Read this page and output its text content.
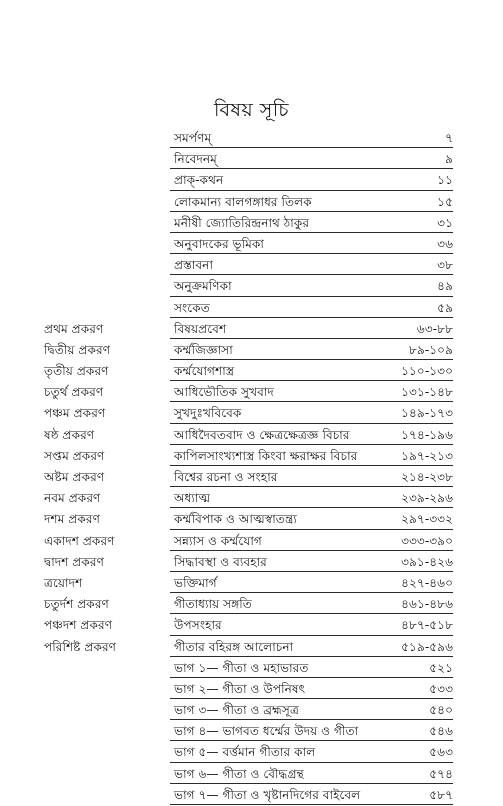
বিষয় সূচি
সমর্পণম্	৭
নিবেদনম্	৯
প্রাক্-কথন	১১
লোকমান্য বালগঙ্গাধর তিলক	১৫
মনীষী জ্যোতিরিন্দ্রনাথ ঠাকুর	৩১
অনুবাদকের ভূমিকা	৩৬
প্রস্তাবনা	৩৮
অনুক্রমণিকা	৪৯
সংকেত	৫৯
প্রথম প্রকরণ	বিষয়প্রবেশ	৬৩-৮৮
দ্বিতীয় প্রকরণ	কর্ম্মজিজ্ঞাসা	৮৯-১০৯
তৃতীয় প্রকরণ	কর্ম্মযোগশাস্ত্র	১১০-১৩০
চতুর্থ প্রকরণ	আধিভৌতিক সুখবাদ	১৩১-১৪৮
পঞ্চম প্রকরণ	সুখদুঃখবিবেক	১৪৯-১৭৩
ষষ্ঠ প্রকরণ	আধিদৈবতবাদ ও ক্ষেত্রক্ষেত্রজ্ঞ বিচার	১৭৪-১৯৬
সপ্তম প্রকরণ	কাপিলসাংখ্যশাস্ত্র কিংবা ক্ষরাক্ষর বিচার	১৯৭-২১৩
অষ্টম প্রকরণ	বিশ্বের রচনা ও সংহার	২১৪-২৩৮
নবম প্রকরণ	অধ্যাত্ম	২৩৯-২৯৬
দশম প্রকরণ	কর্ম্মবিপাক ও আত্মস্বাতন্ত্র্য	২৯৭-৩৩২
একাদশ প্রকরণ	সন্ন্যাস ও কর্ম্মযোগ	৩৩৩-৩৯০
দ্বাদশ প্রকরণ	সিদ্ধাবস্থা ও ব্যবহার	৩৯১-৪২৬
ত্রয়োদশ	ভক্তিমার্গ	৪২৭-৪৬০
চতুর্দশ প্রকরণ	গীতাধ্যায় সঙ্গতি	৪৬১-৪৮৬
পঞ্চদশ প্রকরণ	উপসংহার	৪৮৭-৫১৮
পরিশিষ্ট প্রকরণ	গীতার বহিরঙ্গ আলোচনা	৫১৯-৫৯৬
ভাগ ১— গীতা ও মহাভারত	৫২১
ভাগ ২— গীতা ও উপনিষৎ	৫৩৩
ভাগ ৩— গীতা ও ব্রহ্মসূত্র	৫৪০
ভাগ ৪— ভাগবত ধর্ম্মের উদয় ও গীতা	৫৪৬
ভাগ ৫— বর্ত্তমান গীতার কাল	৫৬৩
ভাগ ৬— গীতা ও বৌদ্ধগ্রন্থ	৫৭৪
ভাগ ৭— গীতা ও খৃষ্টানদিগের বাইবেল	৫৮৭
